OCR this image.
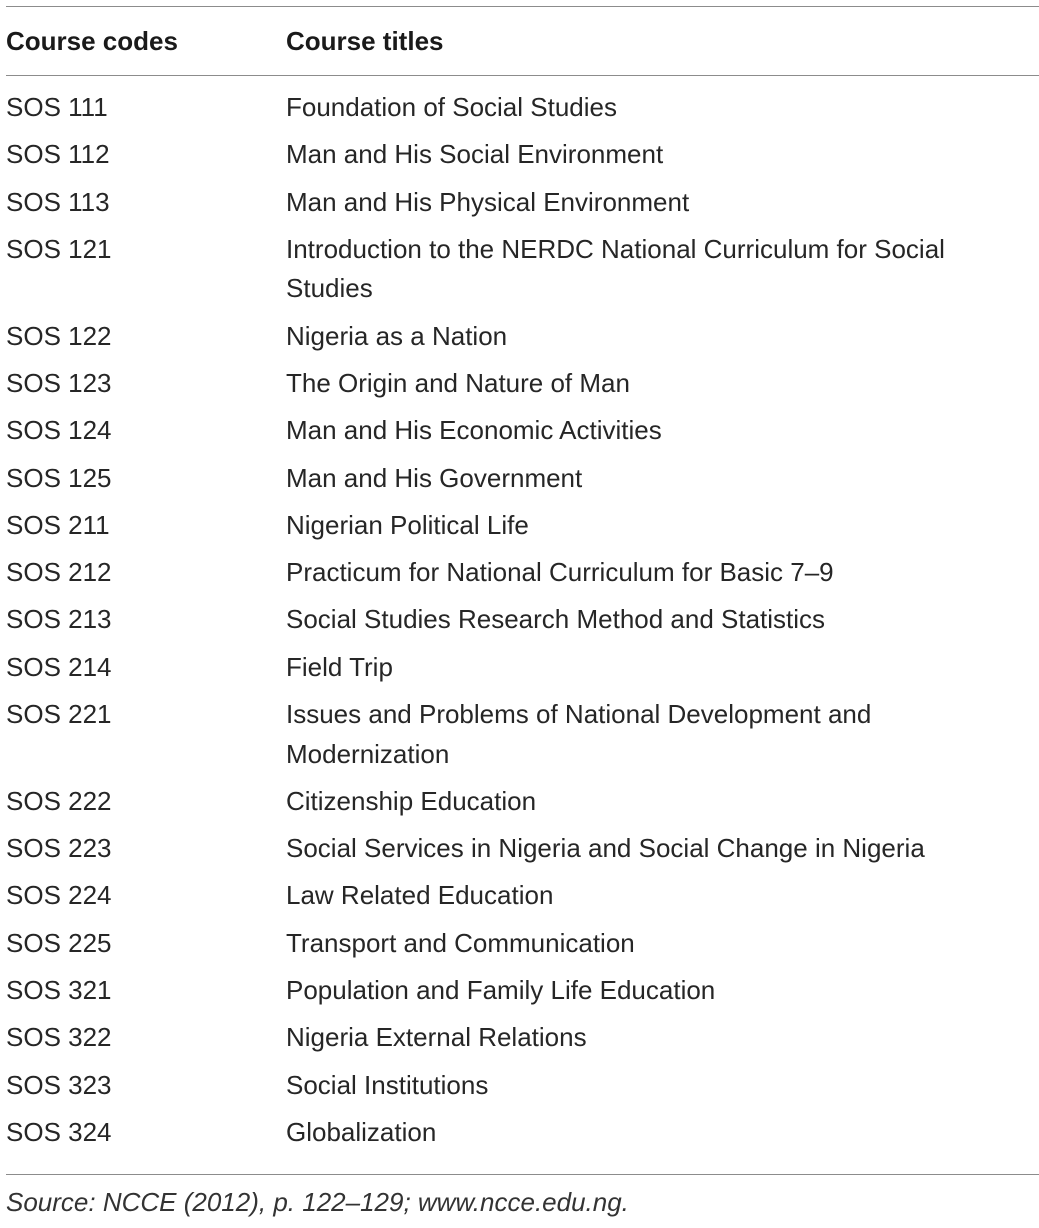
Course codes	Course titles
SOS 111	Foundation of Social Studies
SOS 112	Man and His Social Environment
SOS 113	Man and His Physical Environment
SOS 121	Introduction to the NERDC National Curriculum for Social Studies
SOS 122	Nigeria as a Nation
SOS 123	The Origin and Nature of Man
SOS 124	Man and His Economic Activities
SOS 125	Man and His Government
SOS 211	Nigerian Political Life
SOS 212	Practicum for National Curriculum for Basic 7–9
SOS 213	Social Studies Research Method and Statistics
SOS 214	Field Trip
SOS 221	Issues and Problems of National Development and Modernization
SOS 222	Citizenship Education
SOS 223	Social Services in Nigeria and Social Change in Nigeria
SOS 224	Law Related Education
SOS 225	Transport and Communication
SOS 321	Population and Family Life Education
SOS 322	Nigeria External Relations
SOS 323	Social Institutions
SOS 324	Globalization
Source: NCCE (2012), p. 122–129; www.ncce.edu.ng.
